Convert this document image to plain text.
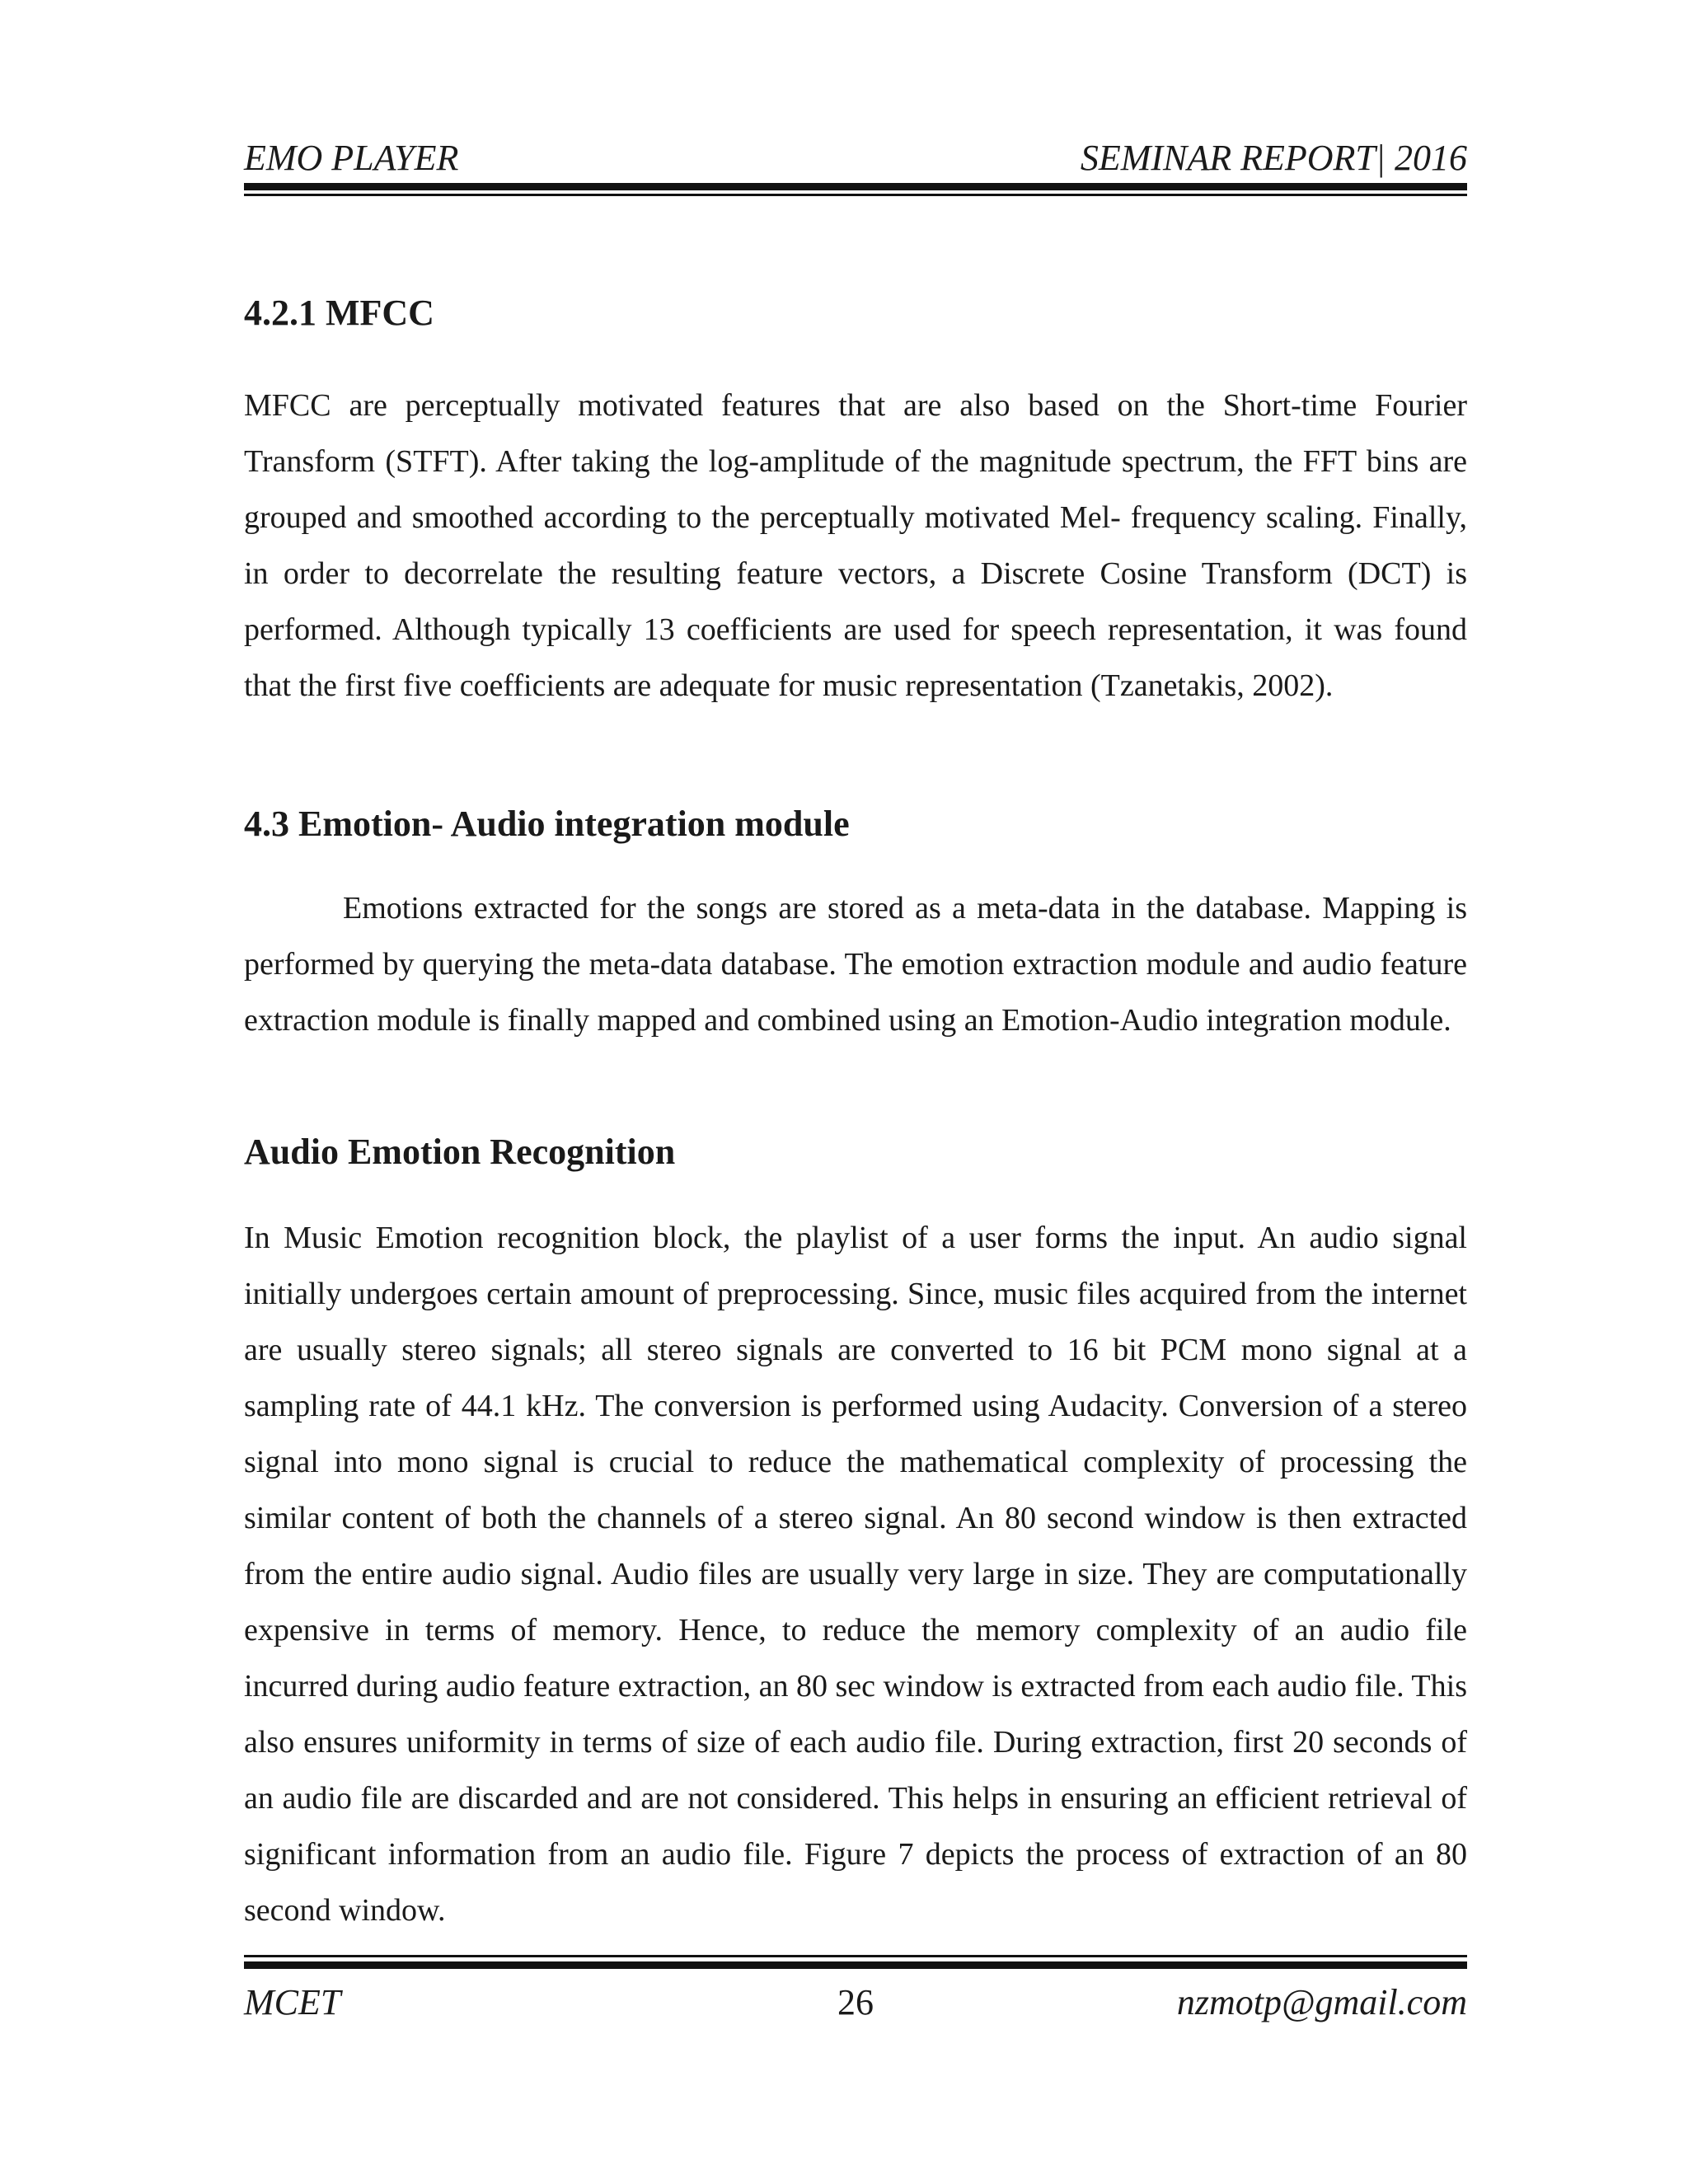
EMO PLAYER	SEMINAR REPORT| 2016
4.2.1 MFCC

MFCC are perceptually motivated features that are also based on the Short-time Fourier Transform (STFT). After taking the log-amplitude of the magnitude spectrum, the FFT bins are grouped and smoothed according to the perceptually motivated Mel- frequency scaling. Finally, in order to decorrelate the resulting feature vectors, a Discrete Cosine Transform (DCT) is performed. Although typically 13 coefficients are used for speech representation, it was found that the first five coefficients are adequate for music representation (Tzanetakis, 2002).

4.3 Emotion- Audio integration module

Emotions extracted for the songs are stored as a meta-data in the database. Mapping is performed by querying the meta-data database. The emotion extraction module and audio feature extraction module is finally mapped and combined using an Emotion-Audio integration module.

Audio Emotion Recognition

In Music Emotion recognition block, the playlist of a user forms the input. An audio signal initially undergoes certain amount of preprocessing. Since, music files acquired from the internet are usually stereo signals; all stereo signals are converted to 16 bit PCM mono signal at a sampling rate of 44.1 kHz. The conversion is performed using Audacity. Conversion of a stereo signal into mono signal is crucial to reduce the mathematical complexity of processing the similar content of both the channels of a stereo signal. An 80 second window is then extracted from the entire audio signal. Audio files are usually very large in size. They are computationally expensive in terms of memory. Hence, to reduce the memory complexity of an audio file incurred during audio feature extraction, an 80 sec window is extracted from each audio file. This also ensures uniformity in terms of size of each audio file. During extraction, first 20 seconds of an audio file are discarded and are not considered. This helps in ensuring an efficient retrieval of significant information from an audio file. Figure 7 depicts the process of extraction of an 80 second window.

MCET	26	nzmotp@gmail.com
